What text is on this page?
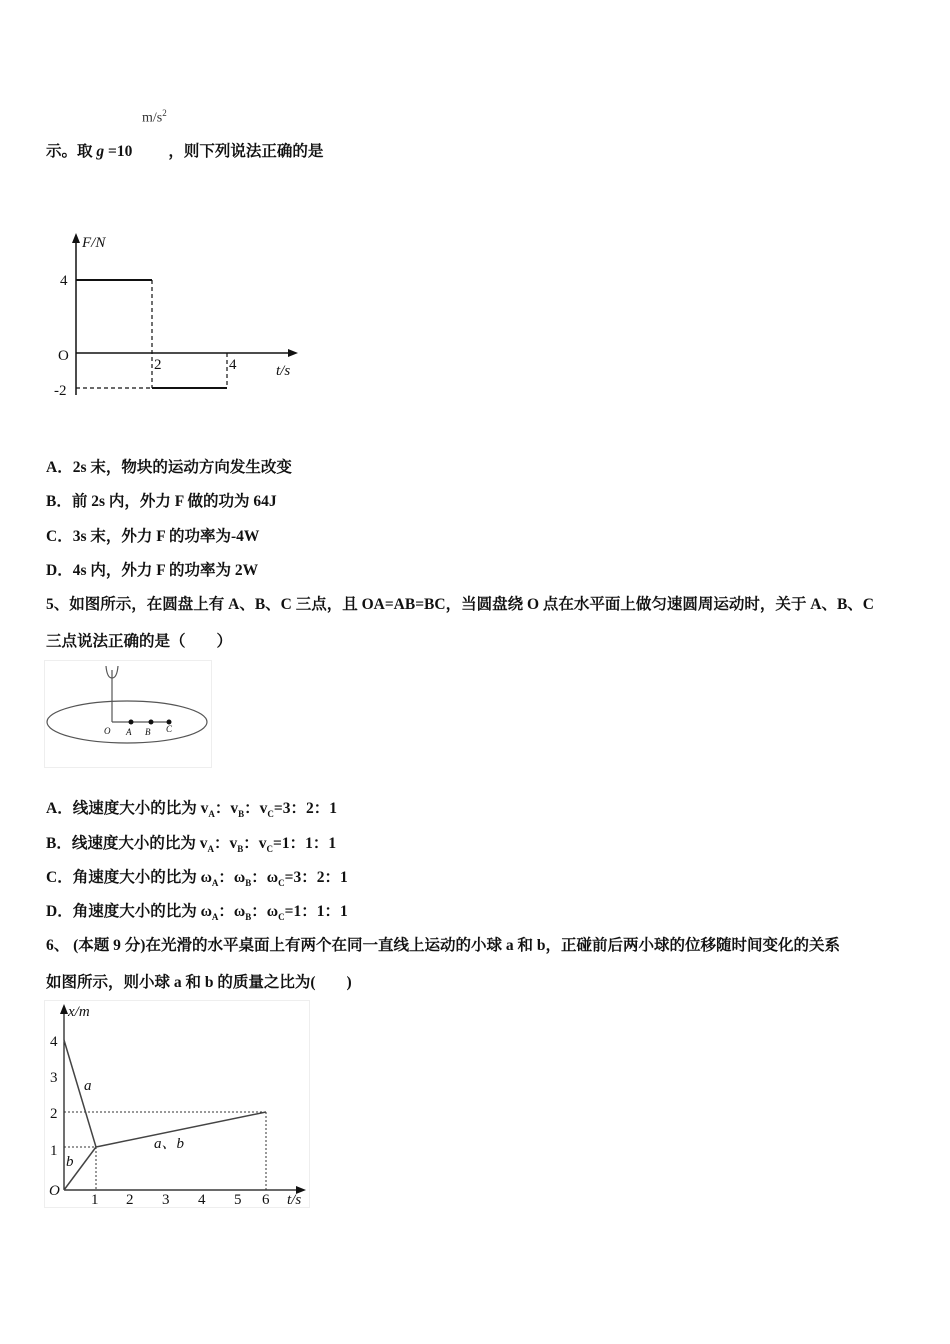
$m/s^2$
示。取 g =10 ，则下列说法正确的是
F/N
4
O
-2
2	4	t/s
A．2s 末，物块的运动方向发生改变
B．前 2s 内，外力 F 做的功为 64J
C．3s 末，外力 F 的功率为-4W
D．4s 内，外力 F 的功率为 2W
5、如图所示，在圆盘上有 A、B、C 三点，且 OA=AB=BC，当圆盘绕 O 点在水平面上做匀速圆周运动时，关于 A、B、C
三点说法正确的是（　　）
O A B C
A．线速度大小的比为 $v_A$：$v_B$：$v_C=3$：2：1
B．线速度大小的比为 $v_A$：$v_B$：$v_C=1$：1：1
C．角速度大小的比为 $\omega_A$：$\omega_B$：$\omega_C=3$：2：1
D．角速度大小的比为 $\omega_A$：$\omega_B$：$\omega_C=1$：1：1
6、 (本题 9 分)在光滑的水平桌面上有两个在同一直线上运动的小球 a 和 b，正碰前后两小球的位移随时间变化的关系
如图所示，则小球 a 和 b 的质量之比为(　　)
x/m
O
1
2
3
4
1 2 3 4 5 6 t/s
a
b
a、b
